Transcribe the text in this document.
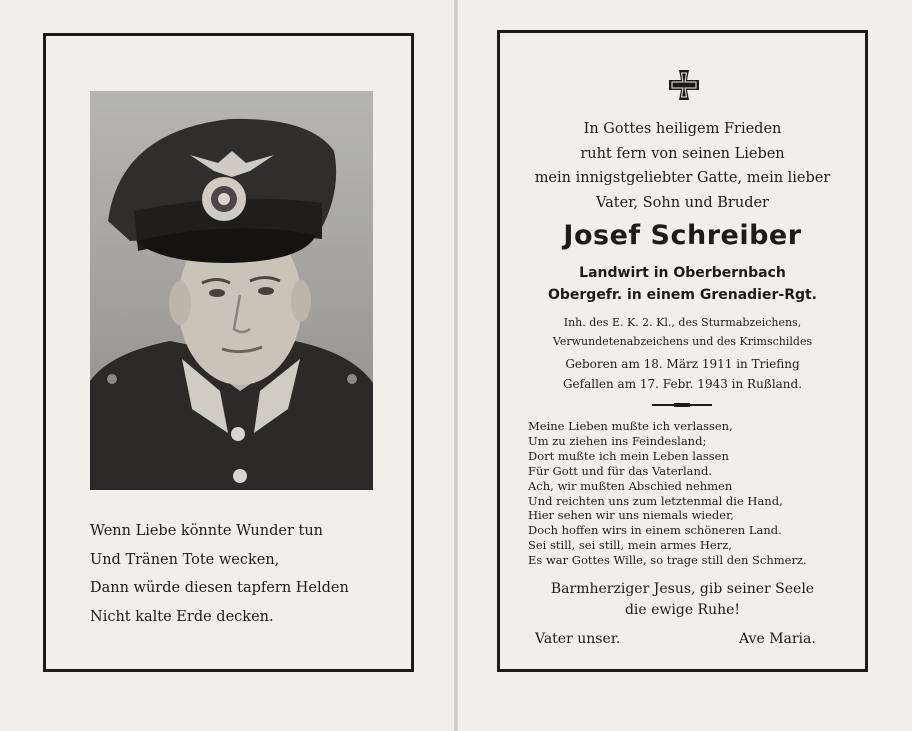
Wenn Liebe könnte Wunder tun
Und Tränen Tote wecken,
Dann würde diesen tapfern Helden
Nicht kalte Erde decken.
In Gottes heiligem Frieden
ruht fern von seinen Lieben
mein innigstgeliebter Gatte, mein lieber
Vater, Sohn und Bruder
Josef Schreiber
Landwirt in Oberbernbach
Obergefr. in einem Grenadier-Rgt.
Inh. des E. K. 2. Kl., des Sturmabzeichens,
Verwundetenabzeichens und des Krimschildes
Geboren am 18. März 1911 in Triefing
Gefallen am 17. Febr. 1943 in Rußland.
Meine Lieben mußte ich verlassen,
Um zu ziehen ins Feindesland;
Dort mußte ich mein Leben lassen
Für Gott und für das Vaterland.
Ach, wir mußten Abschied nehmen
Und reichten uns zum letztenmal die Hand,
Hier sehen wir uns niemals wieder,
Doch hoffen wirs in einem schöneren Land.
Sei still, sei still, mein armes Herz,
Es war Gottes Wille, so trage still den Schmerz.
Barmherziger Jesus, gib seiner Seele
die ewige Ruhe!
Vater unser.	Ave Maria.
